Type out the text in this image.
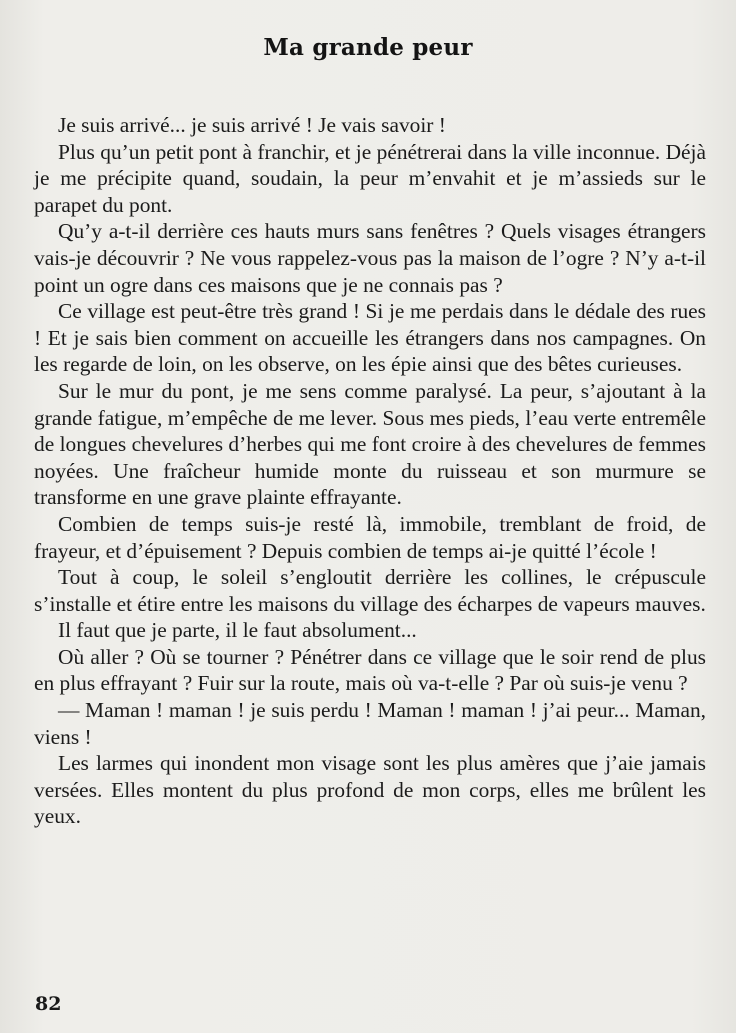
Ma grande peur

Je suis arrivé... je suis arrivé ! Je vais savoir !

Plus qu’un petit pont à franchir, et je pénétrerai dans la ville inconnue. Déjà je me précipite quand, soudain, la peur m’envahit et je m’assieds sur le parapet du pont.

Qu’y a-t-il derrière ces hauts murs sans fenêtres ? Quels visages étrangers vais-je découvrir ? Ne vous rappelez-vous pas la maison de l’ogre ? N’y a-t-il point un ogre dans ces maisons que je ne connais pas ?

Ce village est peut-être très grand ! Si je me perdais dans le dédale des rues ! Et je sais bien comment on accueille les étrangers dans nos campagnes. On les regarde de loin, on les observe, on les épie ainsi que des bêtes curieuses.

Sur le mur du pont, je me sens comme paralysé. La peur, s’ajoutant à la grande fatigue, m’empêche de me lever. Sous mes pieds, l’eau verte entremêle de longues chevelures d’herbes qui me font croire à des chevelures de femmes noyées. Une fraîcheur humide monte du ruisseau et son murmure se transforme en une grave plainte effrayante.

Combien de temps suis-je resté là, immobile, tremblant de froid, de frayeur, et d’épuisement ? Depuis combien de temps ai-je quitté l’école !

Tout à coup, le soleil s’engloutit derrière les collines, le crépuscule s’installe et étire entre les maisons du village des écharpes de vapeurs mauves.

Il faut que je parte, il le faut absolument...

Où aller ? Où se tourner ? Pénétrer dans ce village que le soir rend de plus en plus effrayant ? Fuir sur la route, mais où va-t-elle ? Par où suis-je venu ?

— Maman ! maman ! je suis perdu ! Maman ! maman ! j’ai peur... Maman, viens !

Les larmes qui inondent mon visage sont les plus amères que j’aie jamais versées. Elles montent du plus profond de mon corps, elles me brûlent les yeux.

82
